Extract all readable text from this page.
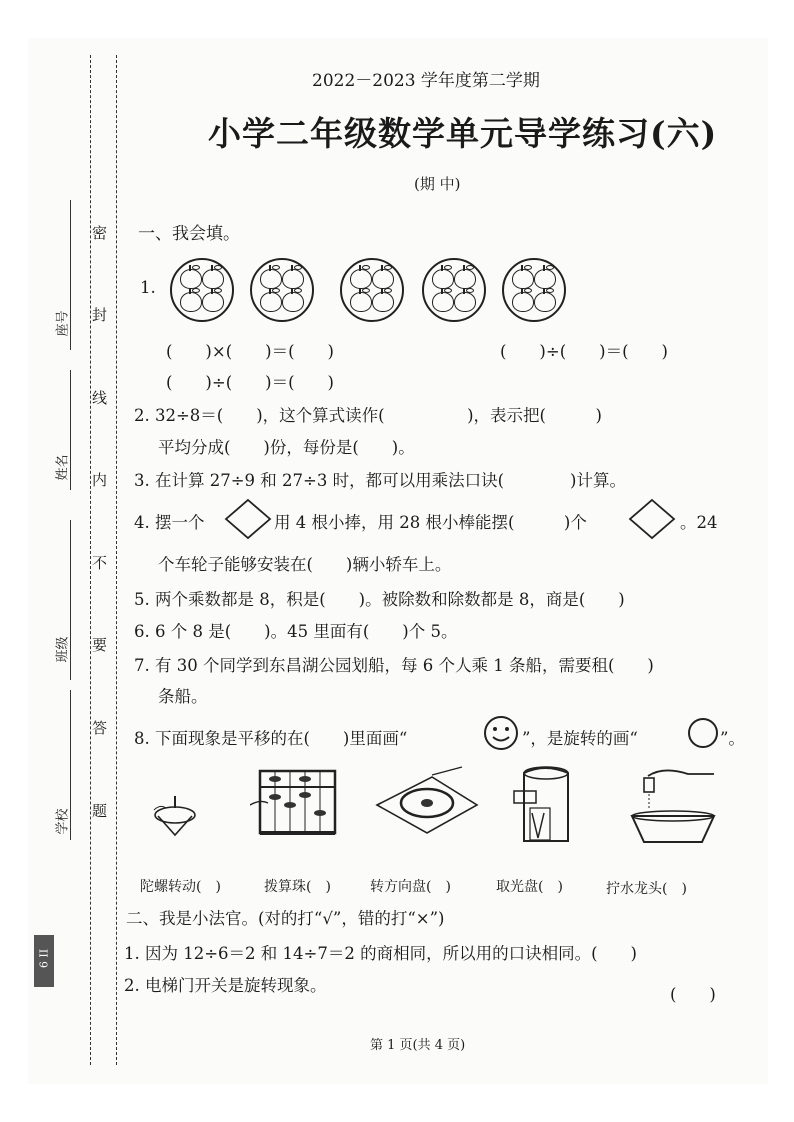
密
封
线
内
不
要
答
题
座号
姓名
班级
学校
6 II
2022－2023 学年度第二学期
小学二年级数学单元导学练习(六)
(期 中)
一、我会填。
1.
(　　)×(　　)＝(　　)	(　　)÷(　　)＝(　　)
(　　)÷(　　)＝(　　)
2. 32÷8＝(　　)，这个算式读作(　　　　　)，表示把(　　　)
平均分成(　　)份，每份是(　　)。
3. 在计算 27÷9 和 27÷3 时，都可以用乘法口诀(　　　　)计算。
4. 摆一个	用 4 根小捧，用 28 根小棒能摆(　　　)个	。24
个车轮子能够安装在(　　)辆小轿车上。
5. 两个乘数都是 8，积是(　　)。被除数和除数都是 8，商是(　　)
6. 6 个 8 是(　　)。45 里面有(　　)个 5。
7. 有 30 个同学到东昌湖公园划船，每 6 个人乘 1 条船，需要租(　　)
条船。
8. 下面现象是平移的在(　　)里面画“	”，是旋转的画“	”。
陀螺转动(　)	拨算珠(　)	转方向盘(　)	取光盘(　)	拧水龙头(　)
二、我是小法官。(对的打“√”，错的打“×”)
1. 因为 12÷6＝2 和 14÷7＝2 的商相同，所以用的口诀相同。(　　)
2. 电梯门开关是旋转现象。	(　　)
第 1 页(共 4 页)
